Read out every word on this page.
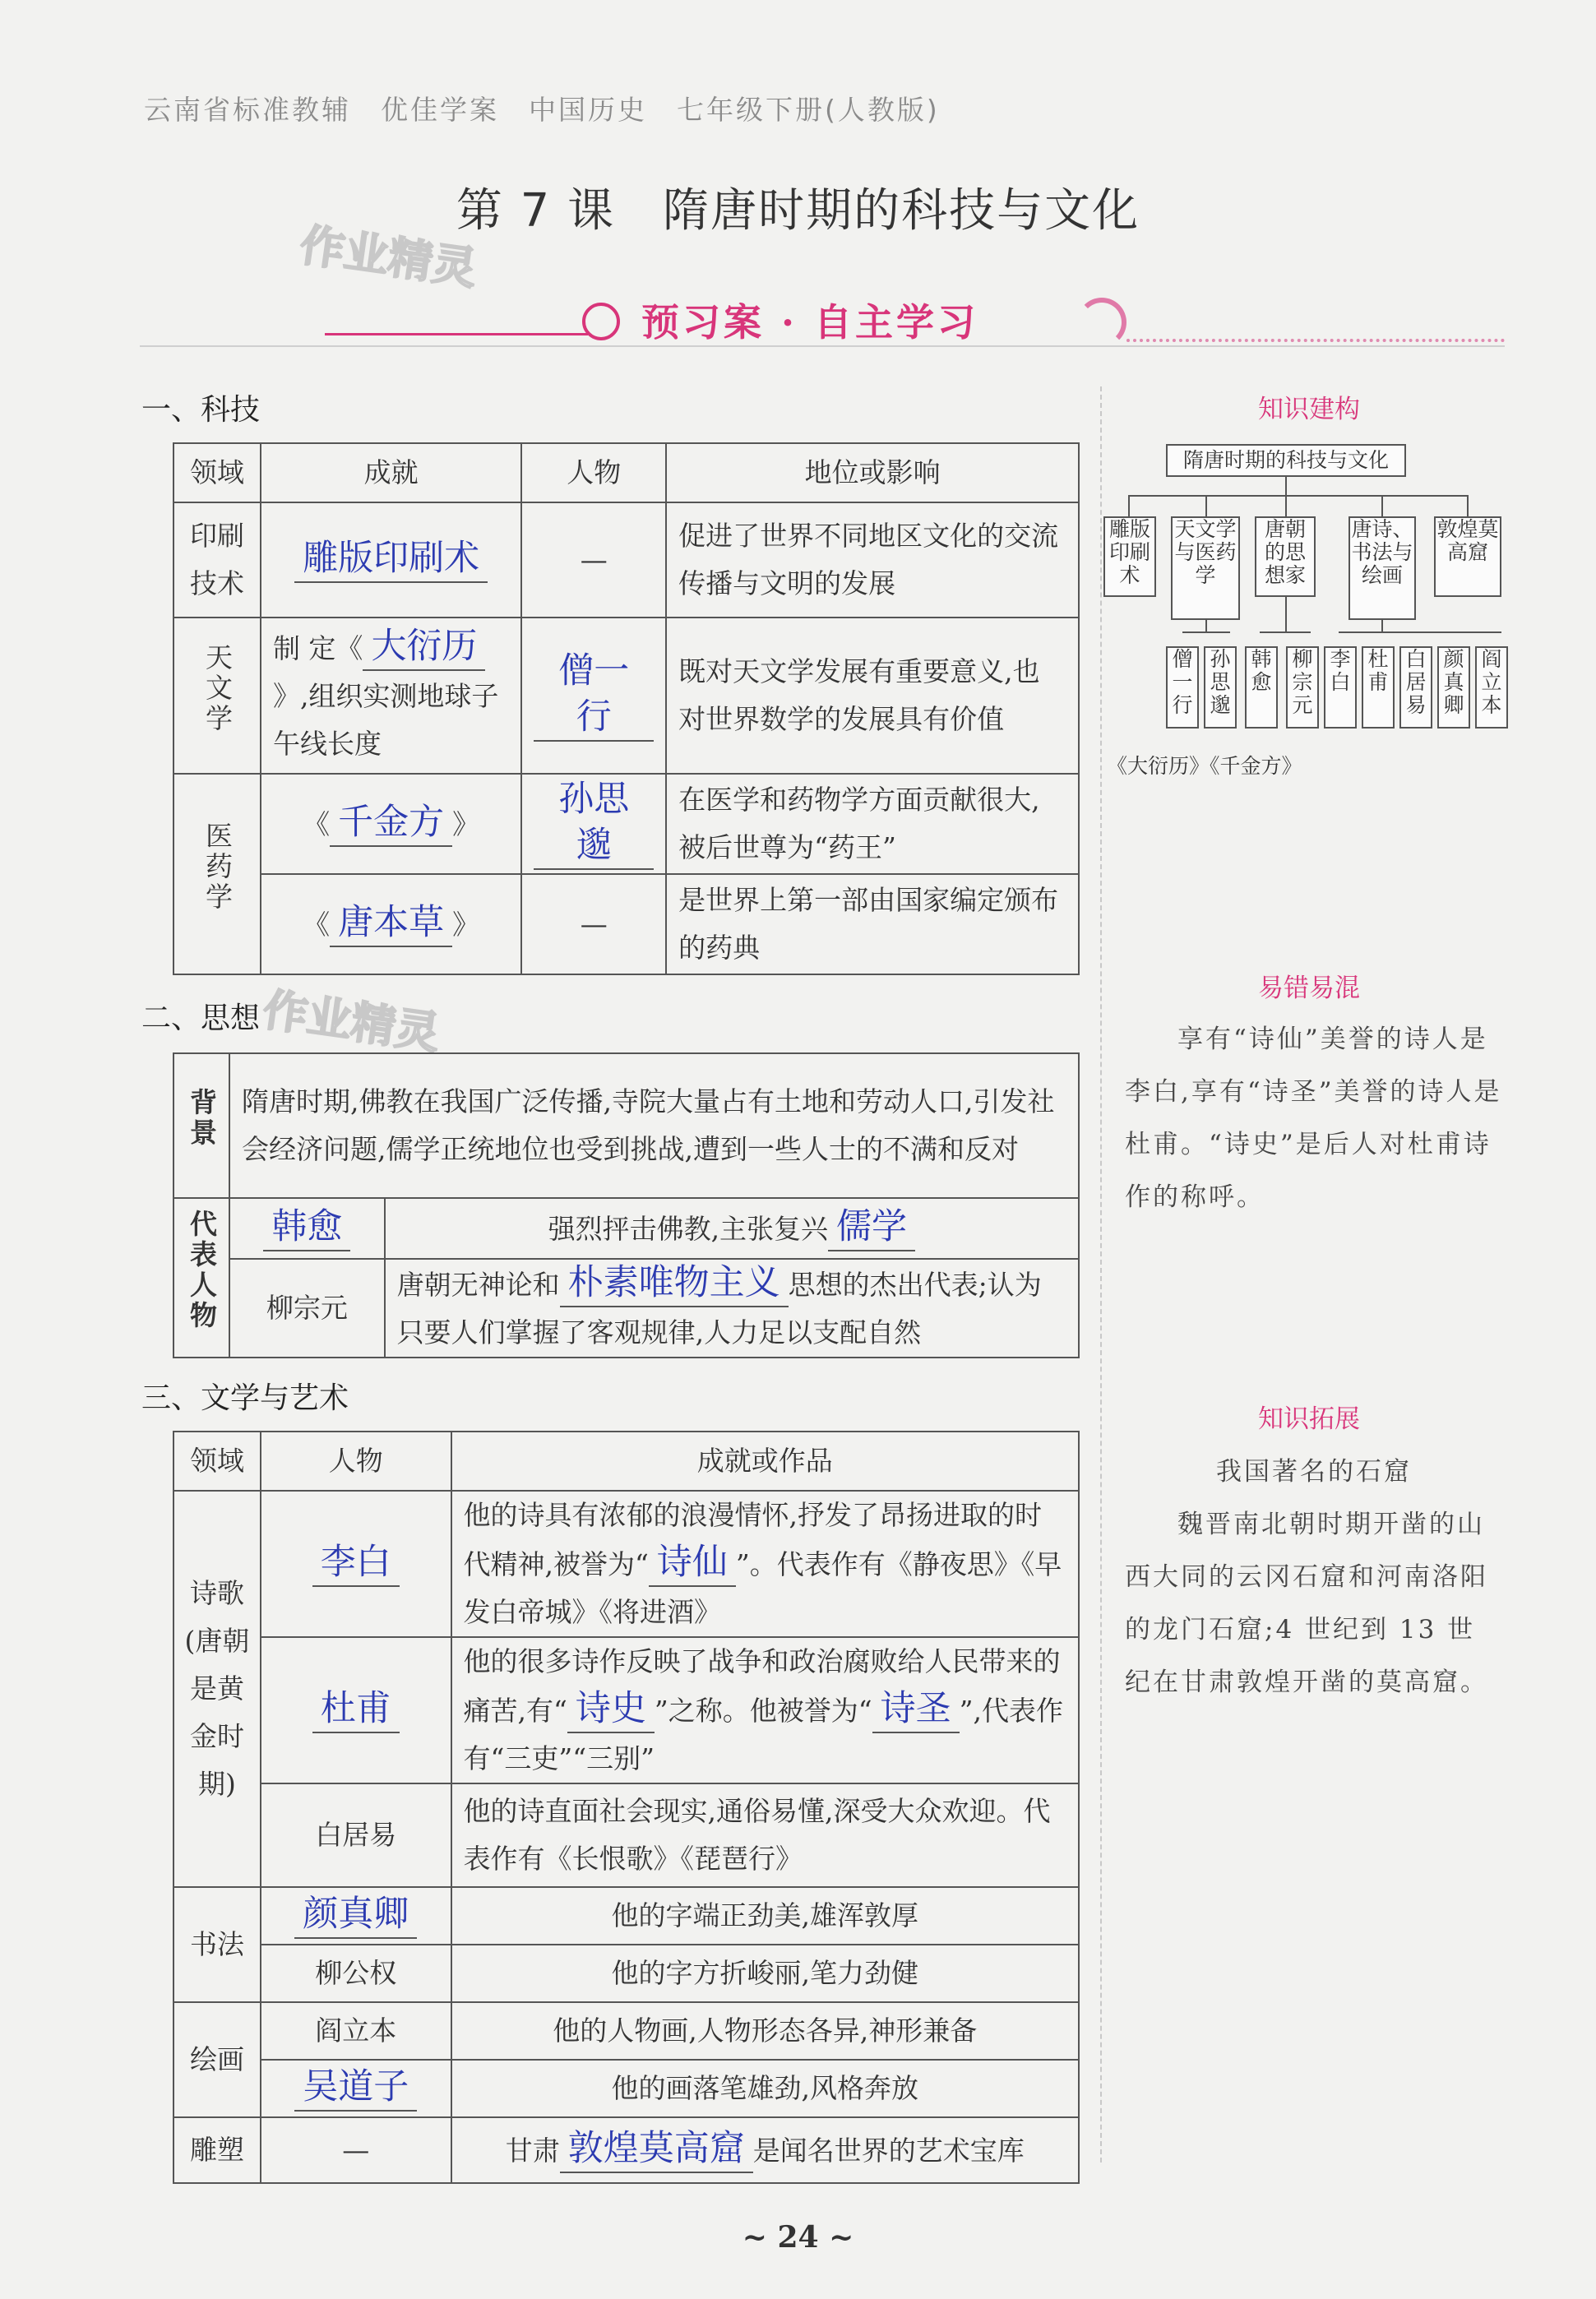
云南省标准教辅　优佳学案　中国历史　七年级下册(人教版)
第 7 课　隋唐时期的科技与文化
作业精灵
预习案 · 自主学习
一、科技
领域	成就	人物	地位或影响
印刷技术	雕版印刷术	—	促进了世界不同地区文化的交流传播与文明的发展
天文学	制 定《 大衍历》,组织实测地球子午线长度	僧一行	既对天文学发展有重要意义,也对世界数学的发展具有价值
医药学	《 千金方 》	孙思邈	在医学和药物学方面贡献很大,被后世尊为“药王”
	《 唐本草 》	—	是世界上第一部由国家编定颁布的药典
二、思想 作业精灵
背景	隋唐时期,佛教在我国广泛传播,寺院大量占有土地和劳动人口,引发社会经济问题,儒学正统地位也受到挑战,遭到一些人士的不满和反对	
代表人物	韩愈	强烈抨击佛教,主张复兴 儒学
	柳宗元	唐朝无神论和 朴素唯物主义 思想的杰出代表;认为只要人们掌握了客观规律,人力足以支配自然
三、文学与艺术
领域	人物	成就或作品
诗歌(唐朝是黄金时期)	李白	他的诗具有浓郁的浪漫情怀,抒发了昂扬进取的时代精神,被誉为“ 诗仙 ”。代表作有《静夜思》《早发白帝城》《将进酒》
	杜甫	他的很多诗作反映了战争和政治腐败给人民带来的痛苦,有“ 诗史 ”之称。他被誉为“ 诗圣 ”,代表作有“三吏”“三别”
	白居易	他的诗直面社会现实,通俗易懂,深受大众欢迎。代表作有《长恨歌》《琵琶行》
书法	颜真卿	他的字端正劲美,雄浑敦厚
	柳公权	他的字方折峻丽,笔力劲健
绘画	阎立本	他的人物画,人物形态各异,神形兼备
	吴道子	他的画落笔雄劲,风格奔放
雕塑	—	甘肃 敦煌莫高窟 是闻名世界的艺术宝库
知识建构
隋唐时期的科技与文化
雕版印刷术
天文学与医药学
唐朝的思想家
唐诗、书法与绘画
敦煌莫高窟
僧一行
孙思邈
韩愈
柳宗元
李白
杜甫
白居易
颜真卿
阎立本
《大衍历》《千金方》
易错易混
享有“诗仙”美誉的诗人是李白,享有“诗圣”美誉的诗人是杜甫。“诗史”是后人对杜甫诗作的称呼。
知识拓展
我国著名的石窟
魏晋南北朝时期开凿的山西大同的云冈石窟和河南洛阳的龙门石窟;4 世纪到 13 世纪在甘肃敦煌开凿的莫高窟。
~ 24 ~
